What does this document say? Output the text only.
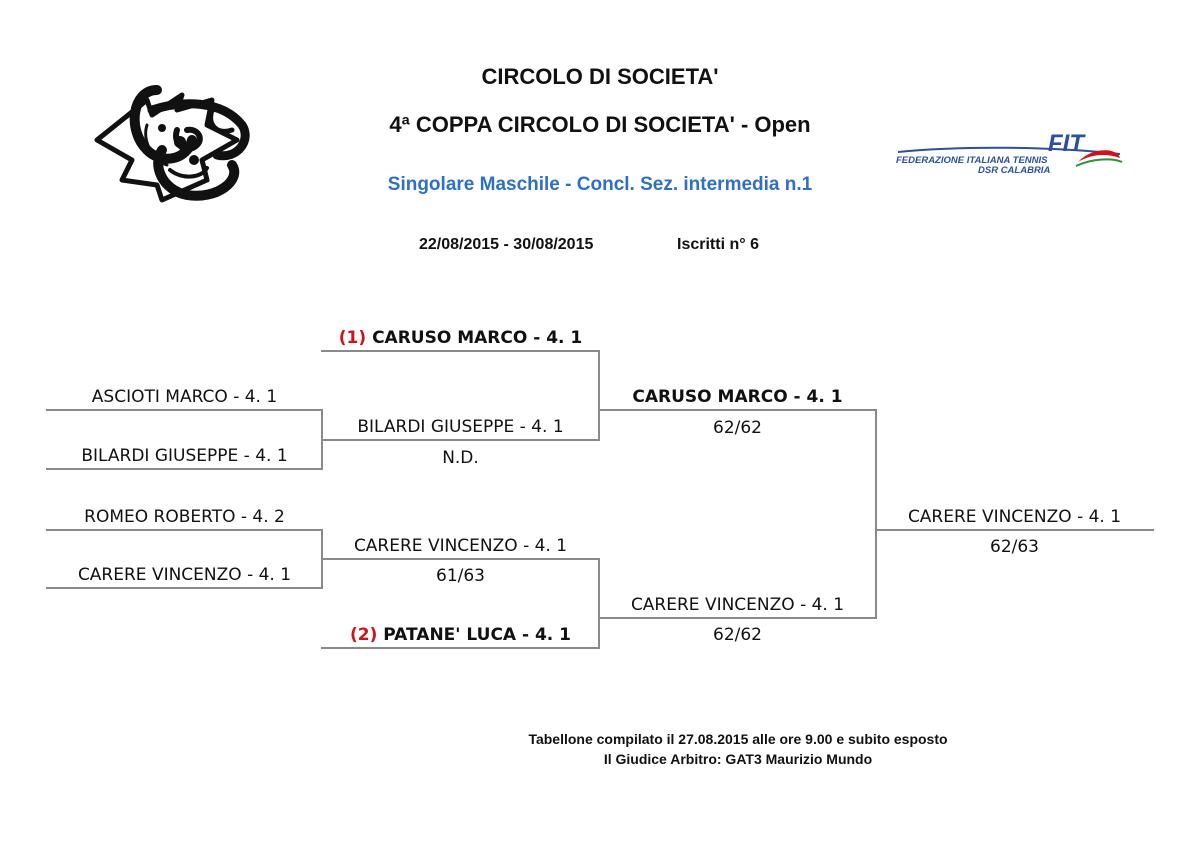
FIT
FEDERAZIONE ITALIANA TENNIS
DSR CALABRIA
CIRCOLO DI SOCIETA'
4ª COPPA CIRCOLO DI SOCIETA' - Open
Singolare Maschile - Concl. Sez. intermedia n.1
22/08/2015 - 30/08/2015	Iscritti n° 6
ASCIOTI MARCO - 4. 1
BILARDI GIUSEPPE - 4. 1
ROMEO ROBERTO - 4. 2
CARERE VINCENZO - 4. 1
(1) CARUSO MARCO - 4. 1
BILARDI GIUSEPPE - 4. 1
N.D.
CARERE VINCENZO - 4. 1
61/63
(2) PATANE' LUCA - 4. 1
CARUSO MARCO - 4. 1
62/62
CARERE VINCENZO - 4. 1
62/62
CARERE VINCENZO - 4. 1
62/63
Tabellone compilato il 27.08.2015 alle ore 9.00 e subito esposto
Il Giudice Arbitro: GAT3 Maurizio Mundo
